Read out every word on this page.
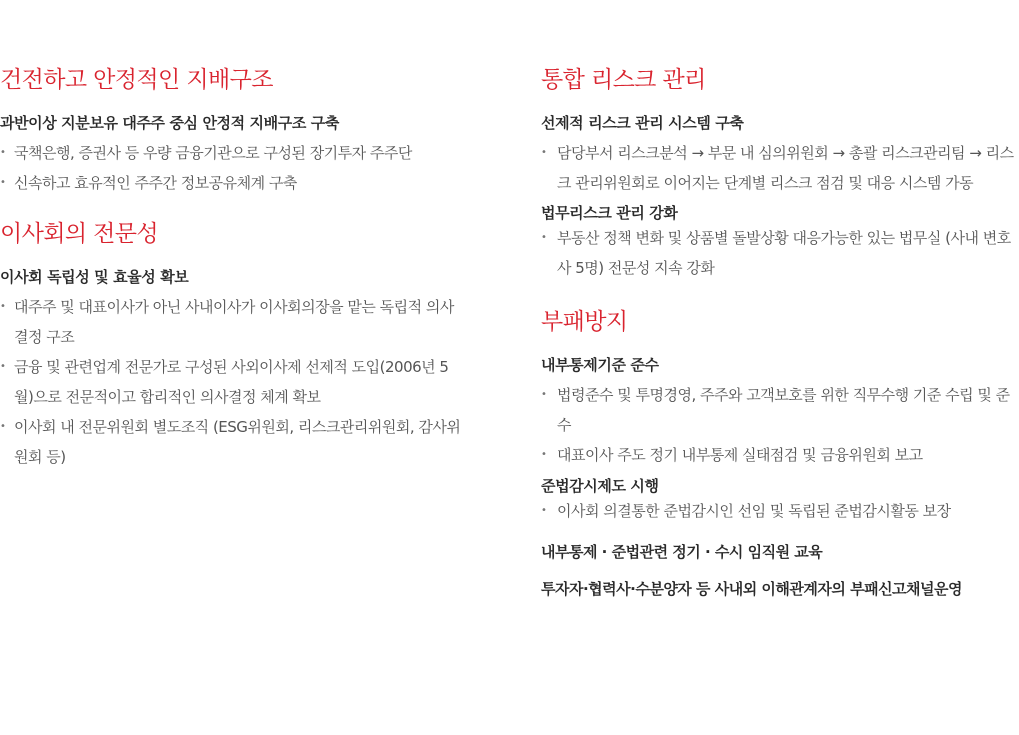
건전하고 안정적인 지배구조

과반이상 지분보유 대주주 중심 안정적 지배구조 구축

• 국책은행, 증권사 등 우량 금융기관으로 구성된 장기투자 주주단
• 신속하고 효유적인 주주간 정보공유체계 구축
이사회의 전문성

이사회 독립성 및 효율성 확보

• 대주주 및 대표이사가 아닌 사내이사가 이사회의장을 맡는 독립적 의사결정 구조
• 금융 및 관련업계 전문가로 구성된 사외이사제 선제적 도입(2006년 5월)으로 전문적이고 합리적인 의사결정 체계 확보
• 이사회 내 전문위원회 별도조직 (ESG위원회, 리스크관리위원회, 감사위원회 등)
통합 리스크 관리

선제적 리스크 관리 시스템 구축

• 담당부서 리스크분석 → 부문 내 심의위원회 → 총괄 리스크관리팀 → 리스크 관리위원회로 이어지는 단계별 리스크 점검 및 대응 시스템 가동

법무리스크 관리 강화

• 부동산 정책 변화 및 상품별 돌발상황 대응가능한 있는 법무실 (사내 변호사 5명) 전문성 지속 강화
부패방지

내부통제기준 준수

• 법령준수 및 투명경영, 주주와 고객보호를 위한 직무수행 기준 수립 및 준수
• 대표이사 주도 정기 내부통제 실태점검 및 금융위원회 보고

준법감시제도 시행

• 이사회 의결통한 준법감시인 선임 및 독립된 준법감시활동 보장

내부통제 · 준법관련 정기 · 수시 임직원 교육

투자자·협력사·수분양자 등 사내외 이해관계자의 부패신고채널운영
